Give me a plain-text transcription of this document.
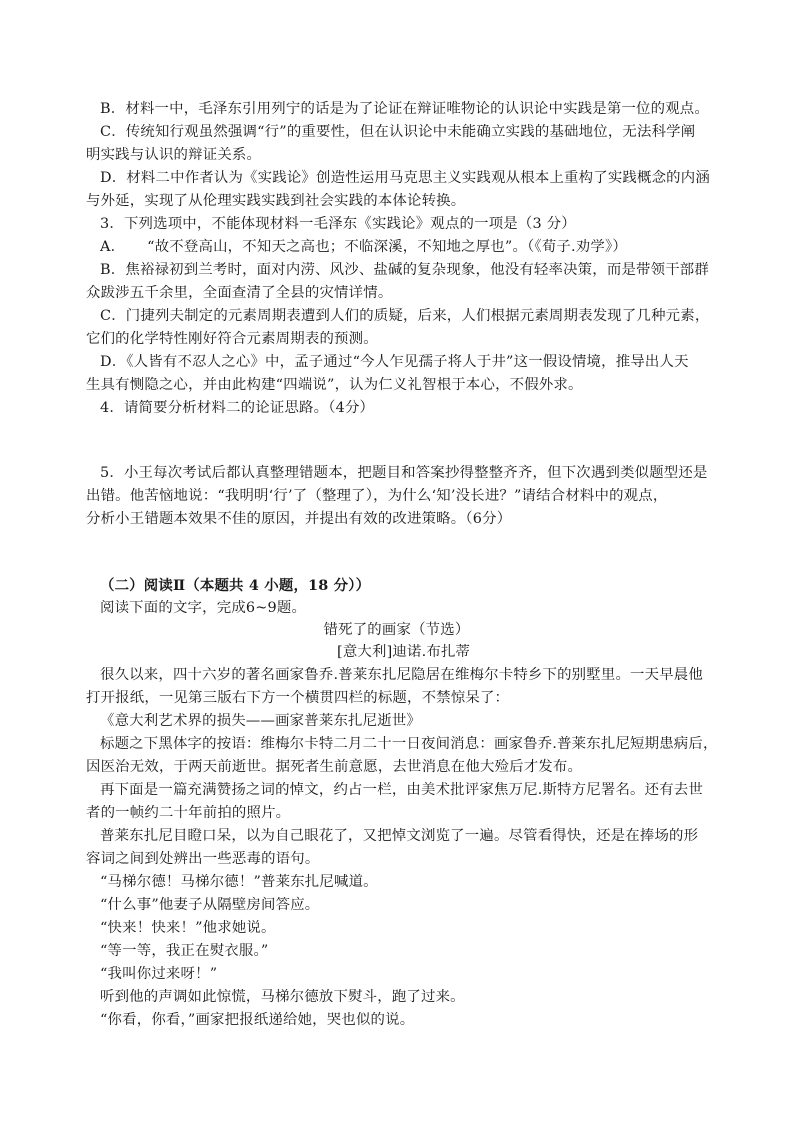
B．材料一中，毛泽东引用列宁的话是为了论证在辩证唯物论的认识论中实践是第一位的观点。
C．传统知行观虽然强调“行”的重要性，但在认识论中未能确立实践的基础地位，无法科学阐
明实践与认识的辩证关系。
D．材料二中作者认为《实践论》创造性运用马克思主义实践观从根本上重构了实践概念的内涵
与外延，实现了从伦理实践实践到社会实践的本体论转换。
3．下列选项中，不能体现材料一毛泽东《实践论》观点的一项是（3 分）
A．　　“故不登高山，不知天之高也；不临深溪，不知地之厚也”。（《荀子.劝学》）
B．焦裕禄初到兰考时，面对内涝、风沙、盐碱的复杂现象，他没有轻率决策，而是带领干部群
众跋涉五千余里，全面查清了全县的灾情详情。
C．门捷列夫制定的元素周期表遭到人们的质疑，后来，人们根据元素周期表发现了几种元素，
它们的化学特性刚好符合元素周期表的预测。
D．《人皆有不忍人之心》中，孟子通过“今人乍见孺子将人于井”这一假设情境，推导出人天
生具有恻隐之心，并由此构建“四端说”，认为仁义礼智根于本心，不假外求。
4．请简要分析材料二的论证思路。（4分）
5．小王每次考试后都认真整理错题本，把题目和答案抄得整整齐齐，但下次遇到类似题型还是
出错。他苦恼地说：“我明明‘行’了（整理了），为什么‘知’没长进？”请结合材料中的观点，
分析小王错题本效果不佳的原因，并提出有效的改进策略。（6分）
（二）阅读Ⅱ（本题共 4 小题，18 分））
阅读下面的文字，完成6~9题。
错死了的画家（节选）
[意大利]迪诺.布扎蒂
很久以来，四十六岁的著名画家鲁乔.普莱东扎尼隐居在维梅尔卡特乡下的别墅里。一天早晨他
打开报纸，一见第三版右下方一个横贯四栏的标题，不禁惊呆了：
《意大利艺术界的损失——画家普莱东扎尼逝世》
标题之下黑体字的按语：维梅尔卡特二月二十一日夜间消息：画家鲁乔.普莱东扎尼短期患病后，
因医治无效，于两天前逝世。据死者生前意愿，去世消息在他大殓后才发布。
再下面是一篇充满赞扬之词的悼文，约占一栏，由美术批评家焦万尼.斯特方尼署名。还有去世
者的一帧约二十年前拍的照片。
普莱东扎尼目瞪口呆，以为自己眼花了，又把悼文浏览了一遍。尽管看得快，还是在捧场的形
容词之间到处辨出一些恶毒的语句。
“马梯尔德！马梯尔德！”普莱东扎尼喊道。
“什么事”他妻子从隔壁房间答应。
“快来！快来！”他求她说。
“等一等，我正在熨衣服。”
“我叫你过来呀！”
听到他的声调如此惊慌，马梯尔德放下熨斗，跑了过来。
“你看，你看，”画家把报纸递给她，哭也似的说。
